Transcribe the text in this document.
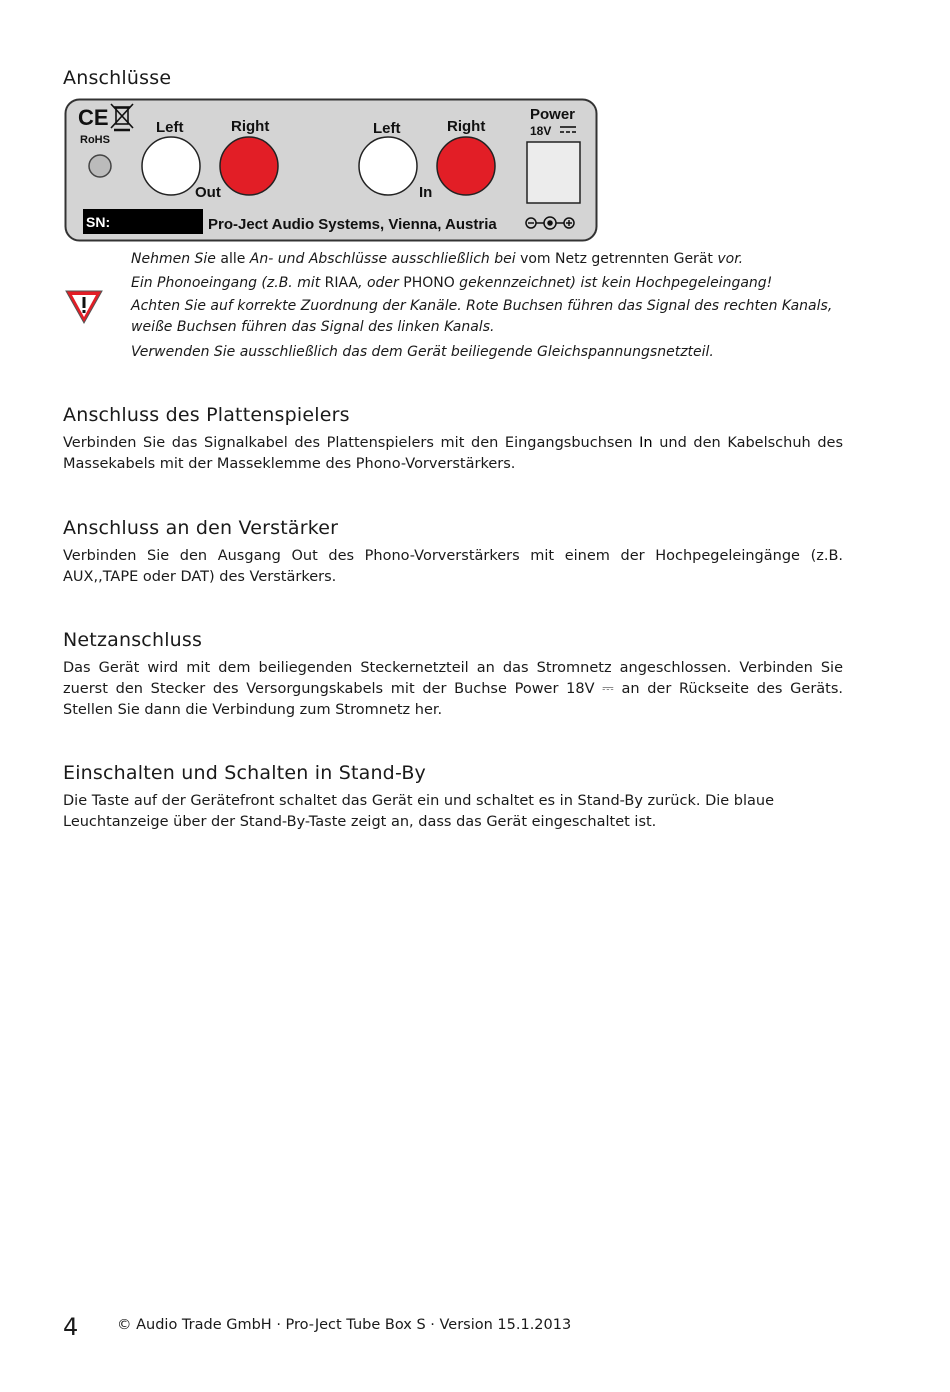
Anschlüsse
CE
RoHS
Left	Right
Out
Left	Right
In
Power
18V
SN:	Pro-Ject Audio Systems, Vienna, Austria

Nehmen Sie alle An- und Abschlüsse ausschließlich bei vom Netz getrennten Gerät vor.

Ein Phonoeingang (z.B. mit RIAA, oder PHONO gekennzeichnet) ist kein Hochpegeleingang!

Achten Sie auf korrekte Zuordnung der Kanäle. Rote Buchsen führen das Signal des rechten Kanals, weiße Buchsen führen das Signal des linken Kanals.

Verwenden Sie ausschließlich das dem Gerät beiliegende Gleichspannungsnetzteil.

Anschluss des Plattenspielers
Verbinden Sie das Signalkabel des Plattenspielers mit den Eingangsbuchsen In und den Kabelschuh des Massekabels mit der Masseklemme des Phono-Vorverstärkers.
Anschluss an den Verstärker
Verbinden Sie den Ausgang Out des Phono-Vorverstärkers mit einem der Hochpegeleingänge (z.B. AUX,,TAPE oder DAT) des Verstärkers.
Netzanschluss
Das Gerät wird mit dem beiliegenden Steckernetzteil an das Stromnetz angeschlossen. Verbinden Sie zuerst den Stecker des Versorgungskabels mit der Buchse Power 18V ⎓ an der Rückseite des Geräts. Stellen Sie dann die Verbindung zum Stromnetz her.
Einschalten und Schalten in Stand-By
Die Taste auf der Gerätefront schaltet das Gerät ein und schaltet es in Stand-By zurück. Die blaue Leuchtanzeige über der Stand-By-Taste zeigt an, dass das Gerät eingeschaltet ist.
4	© Audio Trade GmbH · Pro-Ject Tube Box S · Version 15.1.2013
